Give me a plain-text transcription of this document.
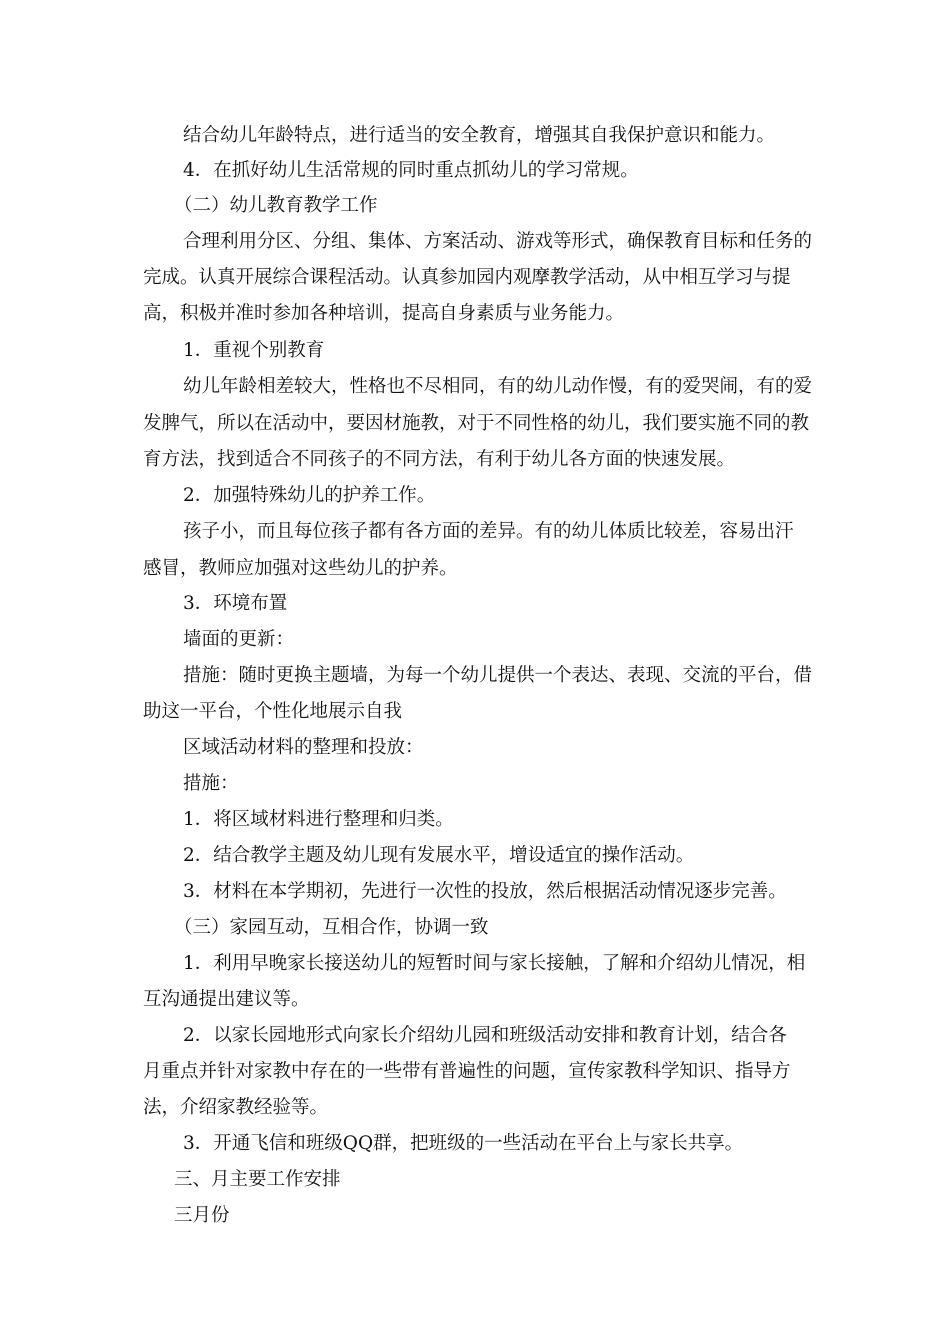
结合幼儿年龄特点，进行适当的安全教育，增强其自我保护意识和能力。
4．在抓好幼儿生活常规的同时重点抓幼儿的学习常规。
（二）幼儿教育教学工作
合理利用分区、分组、集体、方案活动、游戏等形式，确保教育目标和任务的
完成。认真开展综合课程活动。认真参加园内观摩教学活动，从中相互学习与提
高，积极并准时参加各种培训，提高自身素质与业务能力。
1．重视个别教育
幼儿年龄相差较大，性格也不尽相同，有的幼儿动作慢，有的爱哭闹，有的爱
发脾气，所以在活动中，要因材施教，对于不同性格的幼儿，我们要实施不同的教
育方法，找到适合不同孩子的不同方法，有利于幼儿各方面的快速发展。
2．加强特殊幼儿的护养工作。
孩子小，而且每位孩子都有各方面的差异。有的幼儿体质比较差，容易出汗
感冒，教师应加强对这些幼儿的护养。
3．环境布置
墙面的更新：
措施：随时更换主题墙，为每一个幼儿提供一个表达、表现、交流的平台，借
助这一平台，个性化地展示自我
区域活动材料的整理和投放：
措施：
1．将区域材料进行整理和归类。
2．结合教学主题及幼儿现有发展水平，增设适宜的操作活动。
3．材料在本学期初，先进行一次性的投放，然后根据活动情况逐步完善。
（三）家园互动，互相合作，协调一致
1．利用早晚家长接送幼儿的短暂时间与家长接触，了解和介绍幼儿情况，相
互沟通提出建议等。
2．以家长园地形式向家长介绍幼儿园和班级活动安排和教育计划，结合各
月重点并针对家教中存在的一些带有普遍性的问题，宣传家教科学知识、指导方
法，介绍家教经验等。
3．开通飞信和班级QQ群，把班级的一些活动在平台上与家长共享。
三、月主要工作安排
三月份
